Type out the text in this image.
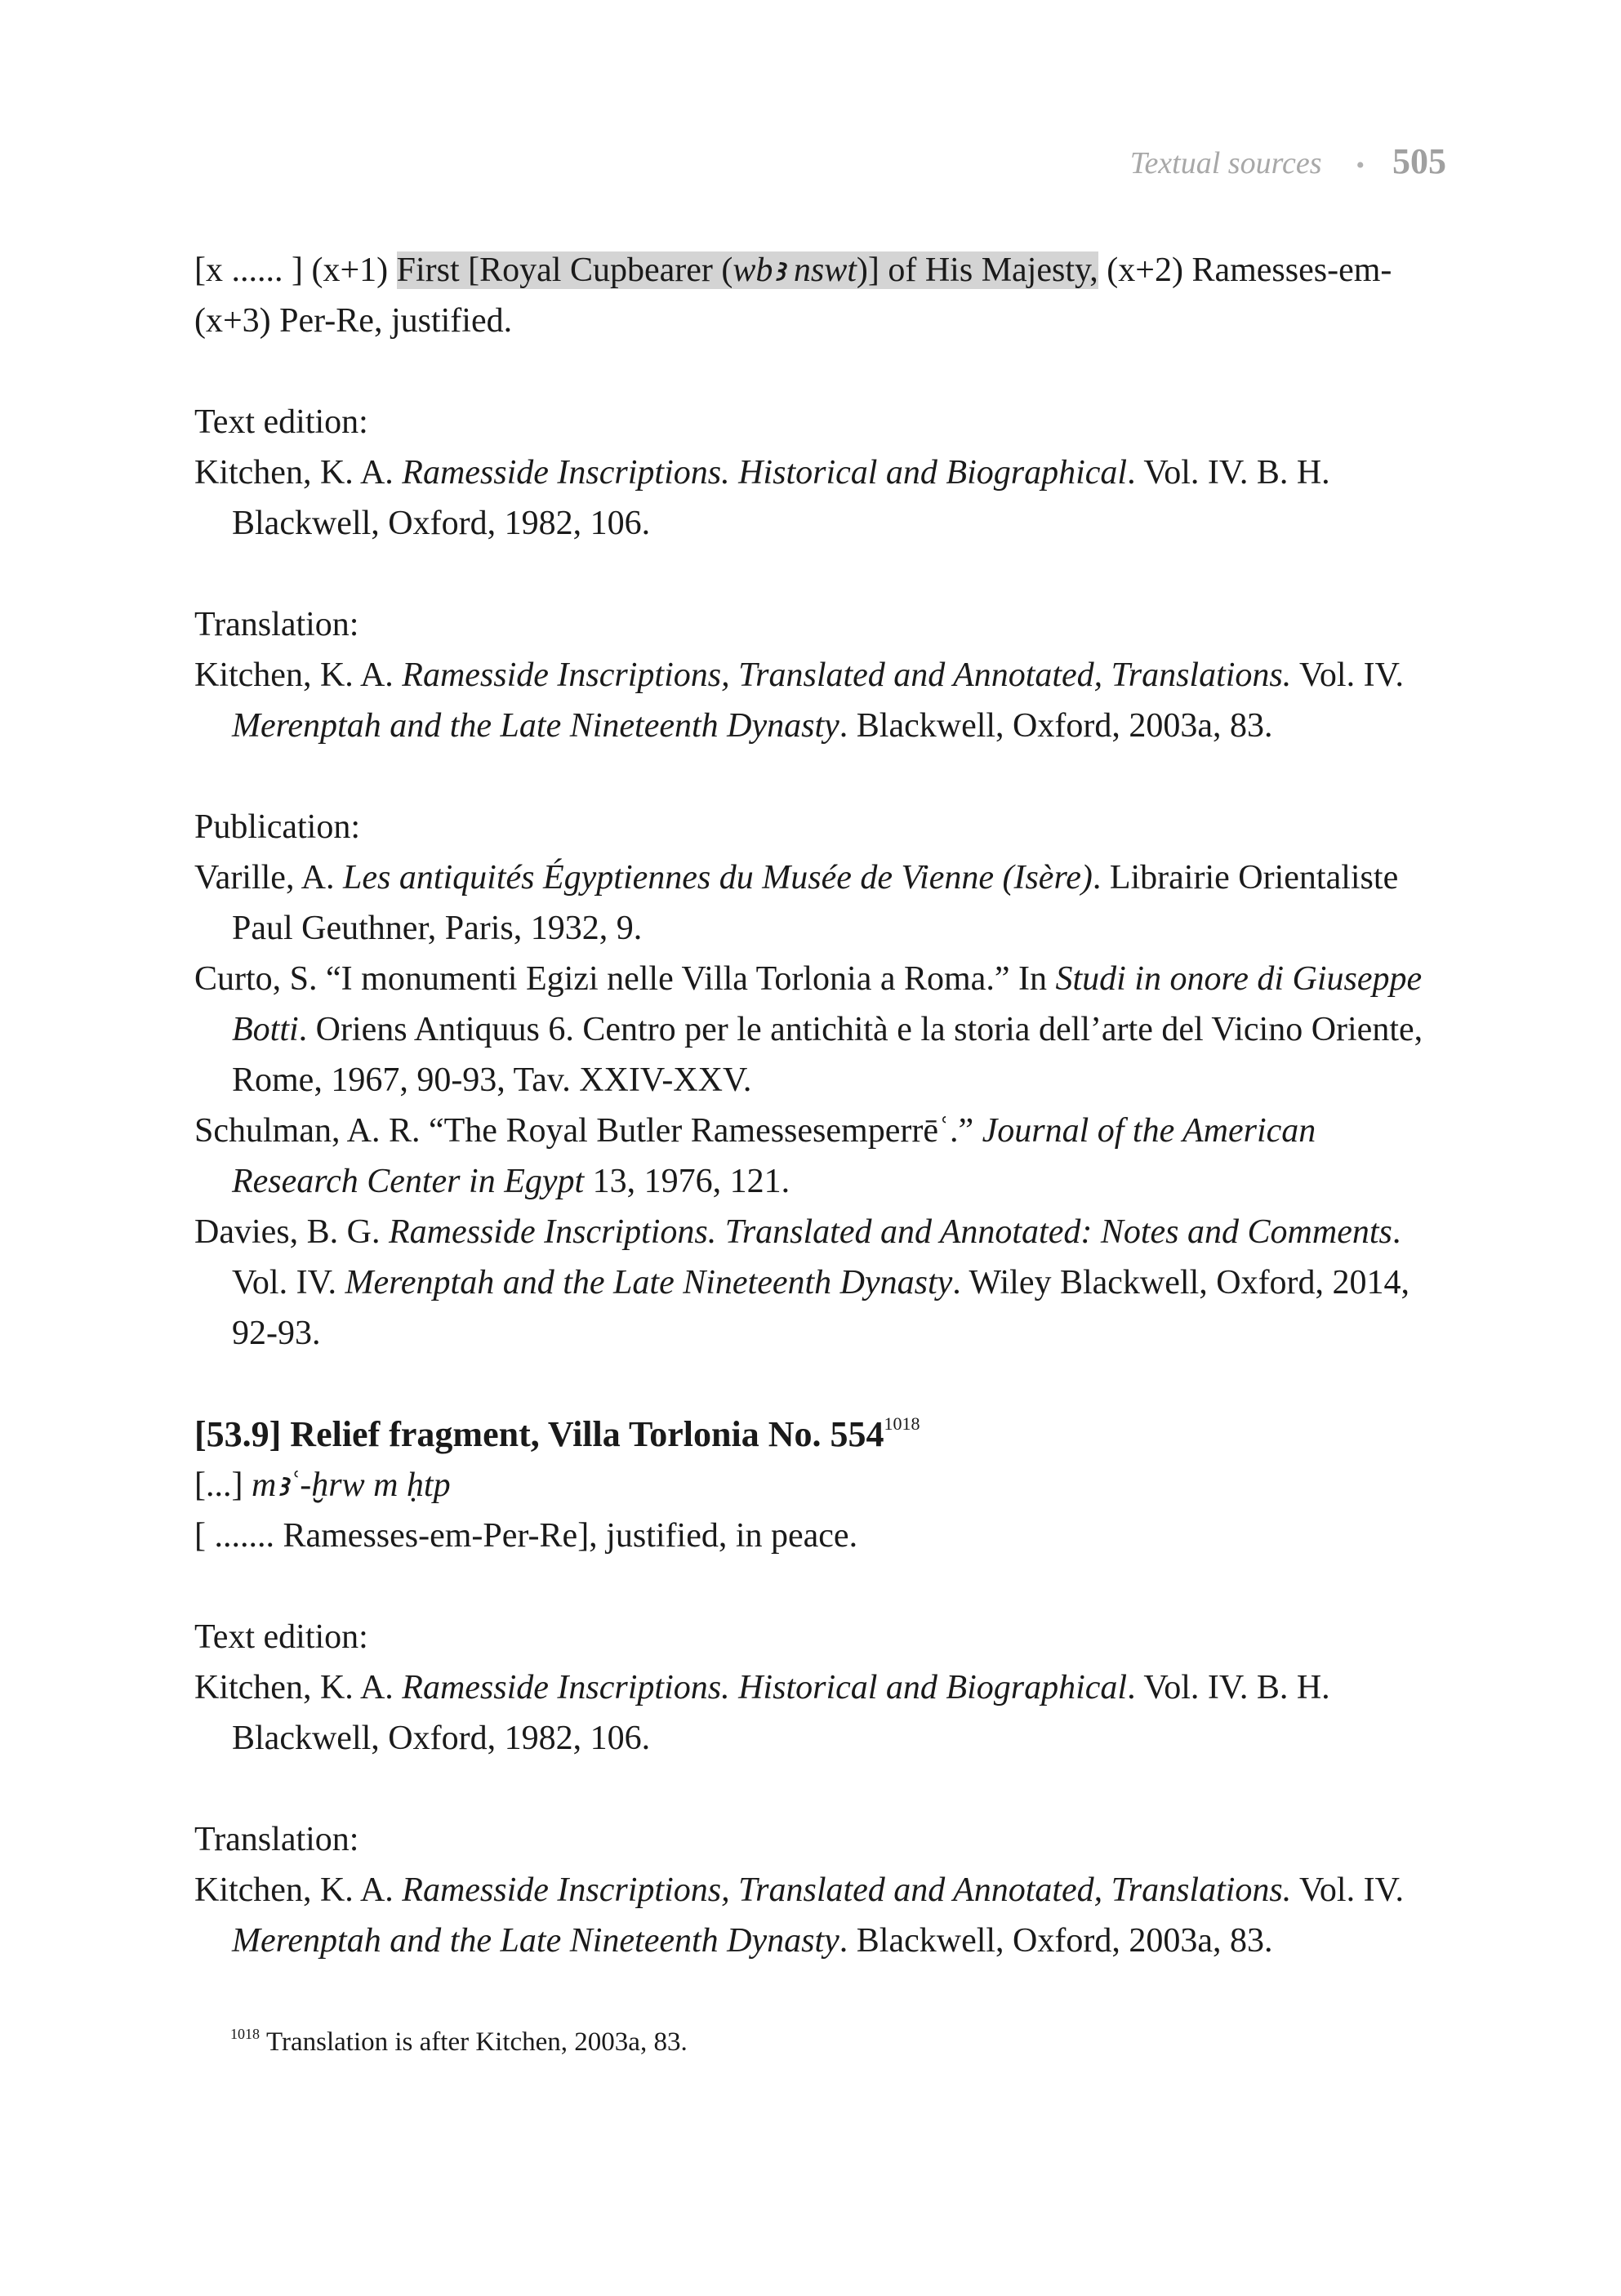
Textual sources • 505

[x ...... ] (x+1) First [Royal Cupbearer (wbꜣ nswt)] of His Majesty, (x+2) Ramesses-em-(x+3) Per-Re, justified.

Text edition:

Kitchen, K. A. Ramesside Inscriptions. Historical and Biographical. Vol. IV. B. H. Blackwell, Oxford, 1982, 106.

Translation:

Kitchen, K. A. Ramesside Inscriptions, Translated and Annotated, Translations. Vol. IV. Merenptah and the Late Nineteenth Dynasty. Blackwell, Oxford, 2003a, 83.

Publication:

Varille, A. Les antiquités Égyptiennes du Musée de Vienne (Isère). Librairie Orientaliste Paul Geuthner, Paris, 1932, 9.

Curto, S. “I monumenti Egizi nelle Villa Torlonia a Roma.” In Studi in onore di Giuseppe Botti. Oriens Antiquus 6. Centro per le antichità e la storia dell’arte del Vicino Oriente, Rome, 1967, 90-93, Tav. XXIV-XXV.

Schulman, A. R. “The Royal Butler Ramessesemperrēʿ.” Journal of the American Research Center in Egypt 13, 1976, 121.

Davies, B. G. Ramesside Inscriptions. Translated and Annotated: Notes and Comments. Vol. IV. Merenptah and the Late Nineteenth Dynasty. Wiley Blackwell, Oxford, 2014, 92-93.

[53.9] Relief fragment, Villa Torlonia No. $554^{1018}$

[...] mꜣʿ-ḫrw m ḥtp

[ ....... Ramesses-em-Per-Re], justified, in peace.

Text edition:

Kitchen, K. A. Ramesside Inscriptions. Historical and Biographical. Vol. IV. B. H. Blackwell, Oxford, 1982, 106.

Translation:

Kitchen, K. A. Ramesside Inscriptions, Translated and Annotated, Translations. Vol. IV. Merenptah and the Late Nineteenth Dynasty. Blackwell, Oxford, 2003a, 83.

$^{1018}$ Translation is after Kitchen, 2003a, 83.
